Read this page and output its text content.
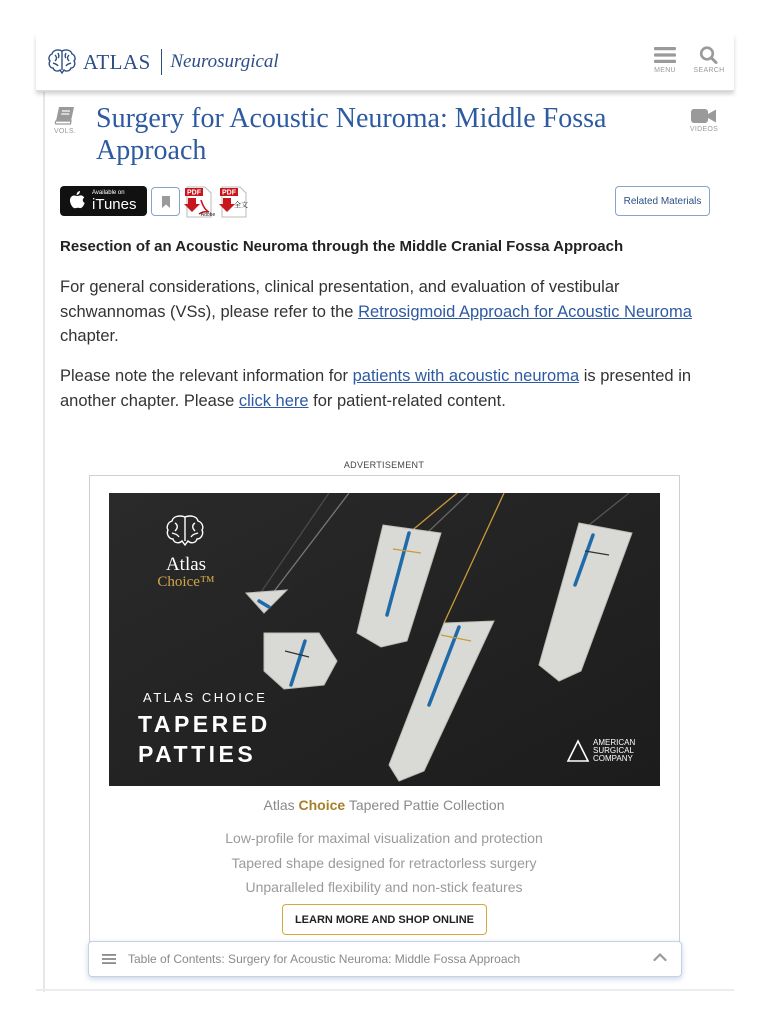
ATLAS Neurosurgical	MENU	SEARCH
VOLS.	VIDEOS
Surgery for Acoustic Neuroma: Middle Fossa Approach
Available on
iTunes
PDF
Adobe
PDF
全文	Related Materials
Resection of an Acoustic Neuroma through the Middle Cranial Fossa Approach

For general considerations, clinical presentation, and evaluation of vestibular schwannomas (VSs), please refer to the Retrosigmoid Approach for Acoustic Neuroma chapter.

Please note the relevant information for patients with acoustic neuroma is presented in another chapter. Please click here for patient-related content.

ADVERTISEMENT
Atlas
Choice™
ATLAS CHOICE
TAPERED
PATTIES	AMERICAN
SURGICAL
COMPANY
Atlas Choice Tapered Pattie Collection
Low-profile for maximal visualization and protection
Tapered shape designed for retractorless surgery
Unparalleled flexibility and non-stick features
LEARN MORE AND SHOP ONLINE
Table of Contents: Surgery for Acoustic Neuroma: Middle Fossa Approach
